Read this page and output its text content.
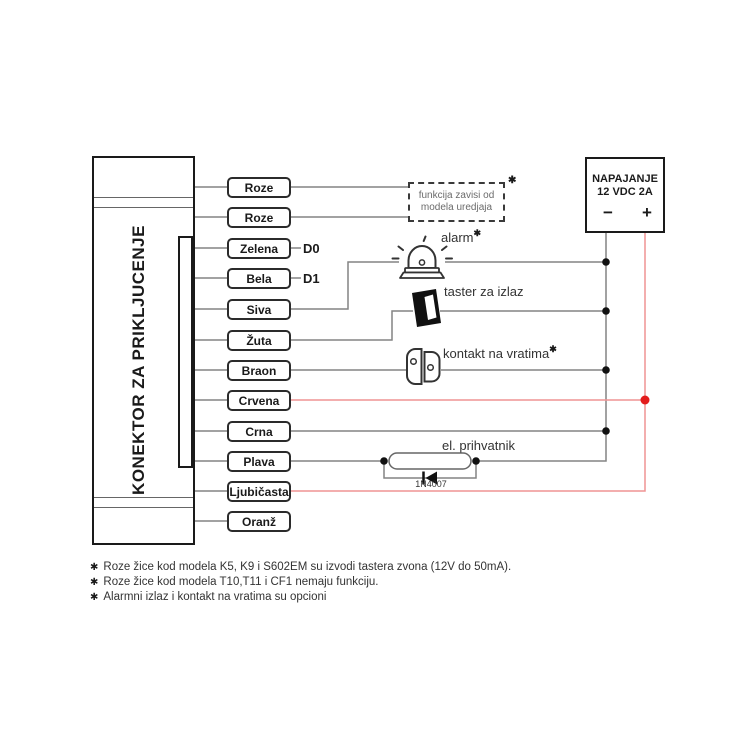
KONEKTOR ZA PRIKLJUCENJE
Roze
Roze
Zelena
Bela
Siva
Žuta
Braon
Crvena
Crna
Plava
Ljubičasta
Oranž
D0
D1
funkcija zavisi od
modela uredjaja
✱
alarm✱
taster za izlaz
kontakt na vratima✱
el. prihvatnik
1N4007
NAPAJANJE
12 VDC 2A
− +
✱ Roze žice kod modela K5, K9 i S602EM su izvodi tastera zvona (12V do 50mA).
✱ Roze žice kod modela T10,T11 i CF1 nemaju funkciju.
✱ Alarmni izlaz i kontakt na vratima su opcioni
